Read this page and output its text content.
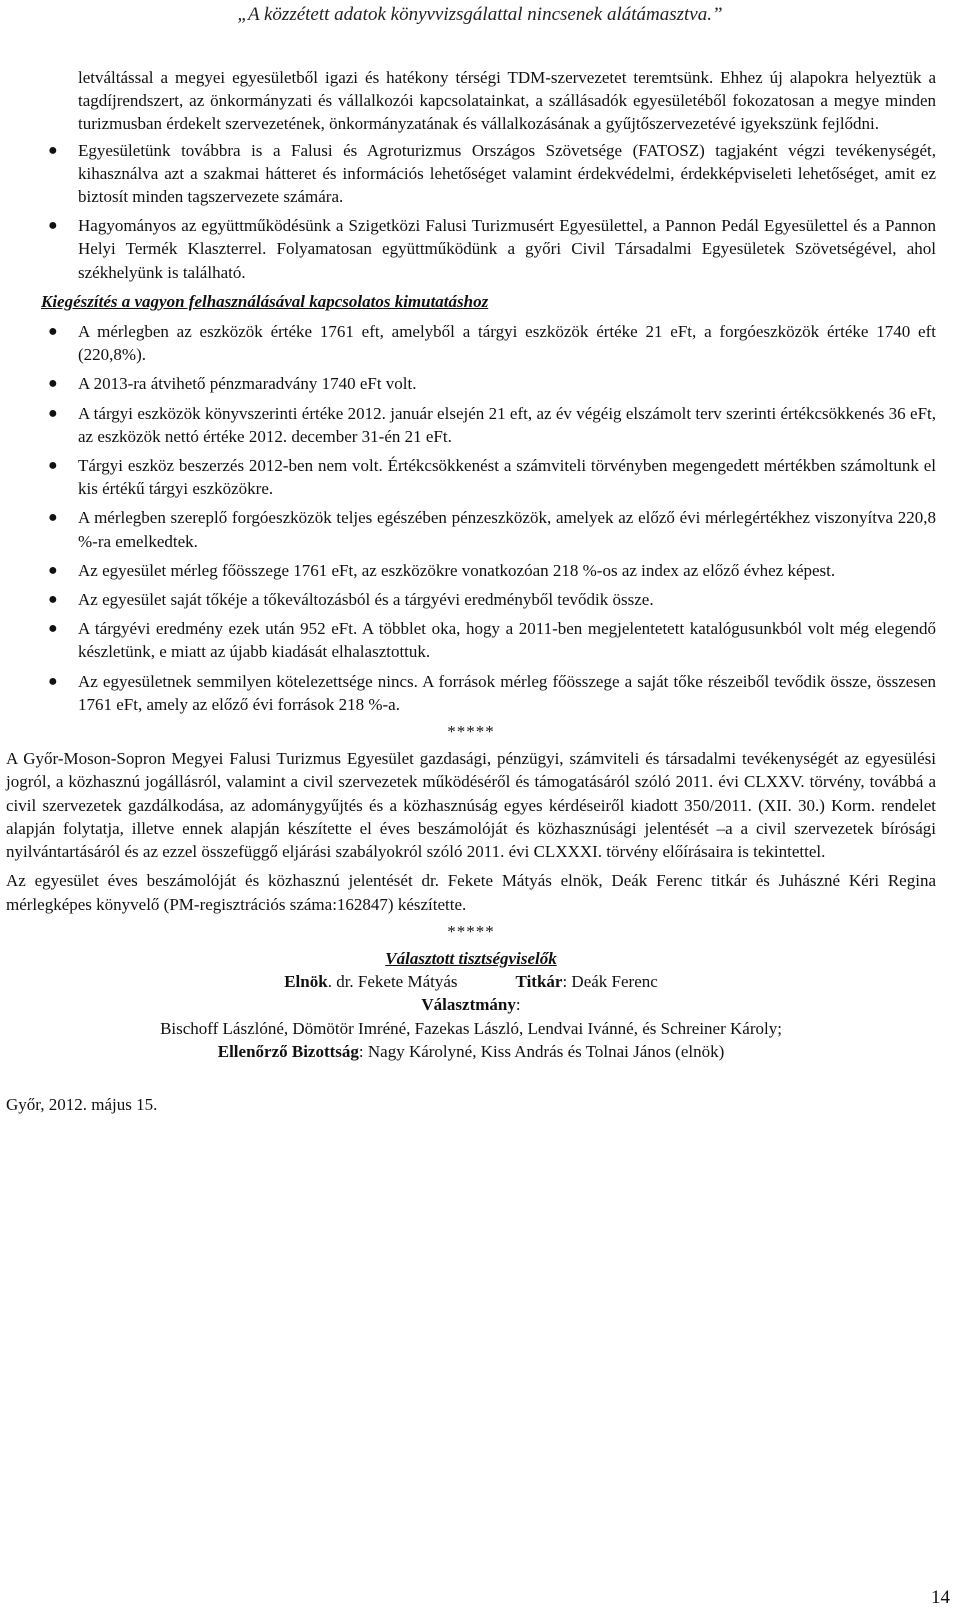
„A közzétett adatok könyvvizsgálattal nincsenek alátámasztva.”
letváltással a megyei egyesületből igazi és hatékony térségi TDM-szervezetet teremtsünk. Ehhez új alapokra helyeztük a tagdíjrendszert, az önkormányzati és vállalkozói kapcsolatainkat, a szállásadók egyesületéből fokozatosan a megye minden turizmusban érdekelt szervezetének, önkormányzatának és vállalkozásának a gyűjtőszervezetévé igyekszünk fejlődni.
● Egyesületünk továbbra is a Falusi és Agroturizmus Országos Szövetsége (FATOSZ) tagjaként végzi tevékenységét, kihasználva azt a szakmai hátteret és információs lehetőséget valamint érdekvédelmi, érdekképviseleti lehetőséget, amit ez biztosít minden tagszervezete számára.
● Hagyományos az együttműködésünk a Szigetközi Falusi Turizmusért Egyesülettel, a Pannon Pedál Egyesülettel és a Pannon Helyi Termék Klaszterrel. Folyamatosan együttműködünk a győri Civil Társadalmi Egyesületek Szövetségével, ahol székhelyünk is található.
Kiegészítés a vagyon felhasználásával kapcsolatos kimutatáshoz
● A mérlegben az eszközök értéke 1761 eft, amelyből a tárgyi eszközök értéke 21 eFt, a forgóeszközök értéke 1740 eft (220,8%).
● A 2013-ra átvihető pénzmaradvány 1740 eFt volt.
● A tárgyi eszközök könyvszerinti értéke 2012. január elsején 21 eft, az év végéig elszámolt terv szerinti értékcsökkenés 36 eFt, az eszközök nettó értéke 2012. december 31-én 21 eFt.
● Tárgyi eszköz beszerzés 2012-ben nem volt. Értékcsökkenést a számviteli törvényben megengedett mértékben számoltunk el kis értékű tárgyi eszközökre.
● A mérlegben szereplő forgóeszközök teljes egészében pénzeszközök, amelyek az előző évi mérlegértékhez viszonyítva 220,8 %-ra emelkedtek.
● Az egyesület mérleg főösszege 1761 eFt, az eszközökre vonatkozóan 218 %-os az index az előző évhez képest.
● Az egyesület saját tőkéje a tőkeváltozásból és a tárgyévi eredményből tevődik össze.
● A tárgyévi eredmény ezek után 952 eFt. A többlet oka, hogy a 2011-ben megjelentetett katalógusunkból volt még elegendő készletünk, e miatt az újabb kiadását elhalasztottuk.
● Az egyesületnek semmilyen kötelezettsége nincs. A források mérleg főösszege a saját tőke részeiből tevődik össze, összesen 1761 eFt, amely az előző évi források 218 %-a.
*****

A Győr-Moson-Sopron Megyei Falusi Turizmus Egyesület gazdasági, pénzügyi, számviteli és társadalmi tevékenységét az egyesülési jogról, a közhasznú jogállásról, valamint a civil szervezetek működéséről és támogatásáról szóló 2011. évi CLXXV. törvény, továbbá a civil szervezetek gazdálkodása, az adománygyűjtés és a közhasznúság egyes kérdéseiről kiadott 350/2011. (XII. 30.) Korm. rendelet alapján folytatja, illetve ennek alapján készítette el éves beszámolóját és közhasznúsági jelentését –a a civil szervezetek bírósági nyilvántartásáról és az ezzel összefüggő eljárási szabályokról szóló 2011. évi CLXXXI. törvény előírásaira is tekintettel.

Az egyesület éves beszámolóját és közhasznú jelentését dr. Fekete Mátyás elnök, Deák Ferenc titkár és Juhászné Kéri Regina mérlegképes könyvelő (PM-regisztrációs száma:162847) készítette.

*****
Választott tisztségviselők
Elnök. dr. Fekete Mátyás	Titkár: Deák Ferenc
Választmány:
Bischoff Lászlóné, Dömötör Imréné, Fazekas László, Lendvai Ivánné, és Schreiner Károly;
Ellenőrző Bizottság: Nagy Károlyné, Kiss András és Tolnai János (elnök)
Győr, 2012. május 15.
14
